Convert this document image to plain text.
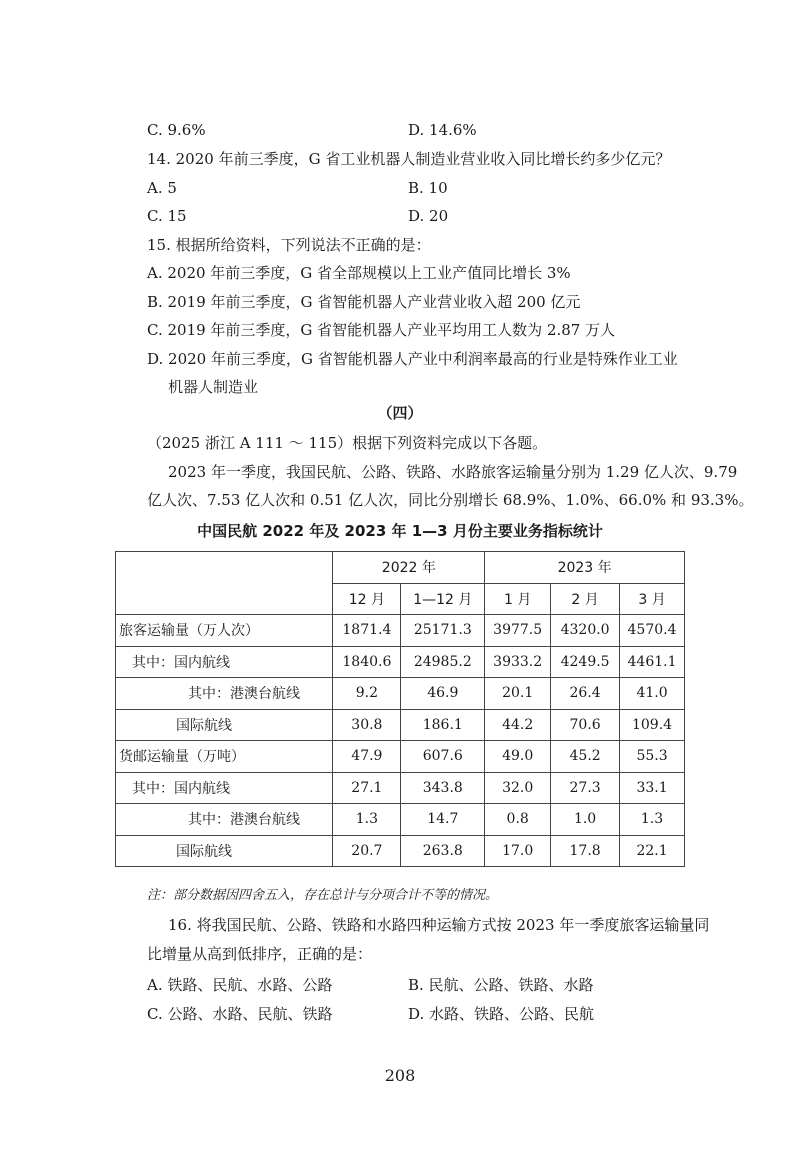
C. 9.6%	D. 14.6%
14. 2020 年前三季度，G 省工业机器人制造业营业收入同比增长约多少亿元？
A. 5	B. 10
C. 15	D. 20
15. 根据所给资料，下列说法不正确的是：
A. 2020 年前三季度，G 省全部规模以上工业产值同比增长 3%
B. 2019 年前三季度，G 省智能机器人产业营业收入超 200 亿元
C. 2019 年前三季度，G 省智能机器人产业平均用工人数为 2.87 万人
D. 2020 年前三季度，G 省智能机器人产业中利润率最高的行业是特殊作业工业
机器人制造业
（四）
（2025 浙江 A 111 ～ 115）根据下列资料完成以下各题。
2023 年一季度，我国民航、公路、铁路、水路旅客运输量分别为 1.29 亿人次、9.79
亿人次、7.53 亿人次和 0.51 亿人次，同比分别增长 68.9%、1.0%、66.0% 和 93.3%。
中国民航 2022 年及 2023 年 1—3 月份主要业务指标统计
	2022 年		2023 年		
	12 月	1—12 月	1 月	2 月	3 月
旅客运输量（万人次）	1871.4	25171.3	3977.5	4320.0	4570.4
其中：国内航线	1840.6	24985.2	3933.2	4249.5	4461.1
其中：港澳台航线	9.2	46.9	20.1	26.4	41.0
国际航线	30.8	186.1	44.2	70.6	109.4
货邮运输量（万吨）	47.9	607.6	49.0	45.2	55.3
其中：国内航线	27.1	343.8	32.0	27.3	33.1
其中：港澳台航线	1.3	14.7	0.8	1.0	1.3
国际航线	20.7	263.8	17.0	17.8	22.1
注：部分数据因四舍五入，存在总计与分项合计不等的情况。
16. 将我国民航、公路、铁路和水路四种运输方式按 2023 年一季度旅客运输量同
比增量从高到低排序，正确的是：
A. 铁路、民航、水路、公路	B. 民航、公路、铁路、水路
C. 公路、水路、民航、铁路	D. 水路、铁路、公路、民航
208
